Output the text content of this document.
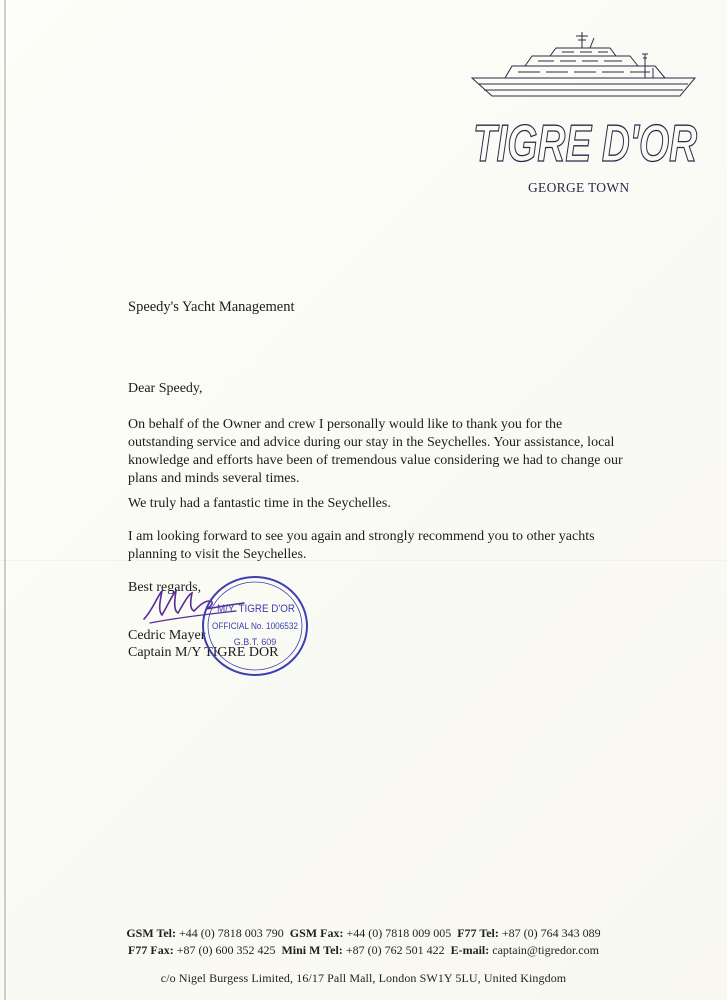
TIGRE D'OR
GEORGE TOWN
Speedy's Yacht Management
Dear Speedy,
On behalf of the Owner and crew I personally would like to thank you for the outstanding service and advice during our stay in the Seychelles. Your assistance, local knowledge and efforts have been of tremendous value considering we had to change our plans and minds several times.
We truly had a fantastic time in the Seychelles.
I am looking forward to see you again and strongly recommend you to other yachts planning to visit the Seychelles.
Best regards,
Cedric Mayer
Captain M/Y TIGRE DOR
M/Y. TIGRE D'OR
OFFICIAL No. 1006532
G.B.T. 609
GSM Tel: +44 (0) 7818 003 790 GSM Fax: +44 (0) 7818 009 005 F77 Tel: +87 (0) 764 343 089
F77 Fax: +87 (0) 600 352 425 Mini M Tel: +87 (0) 762 501 422 E-mail: captain@tigredor.com
c/o Nigel Burgess Limited, 16/17 Pall Mall, London SW1Y 5LU, United Kingdom
